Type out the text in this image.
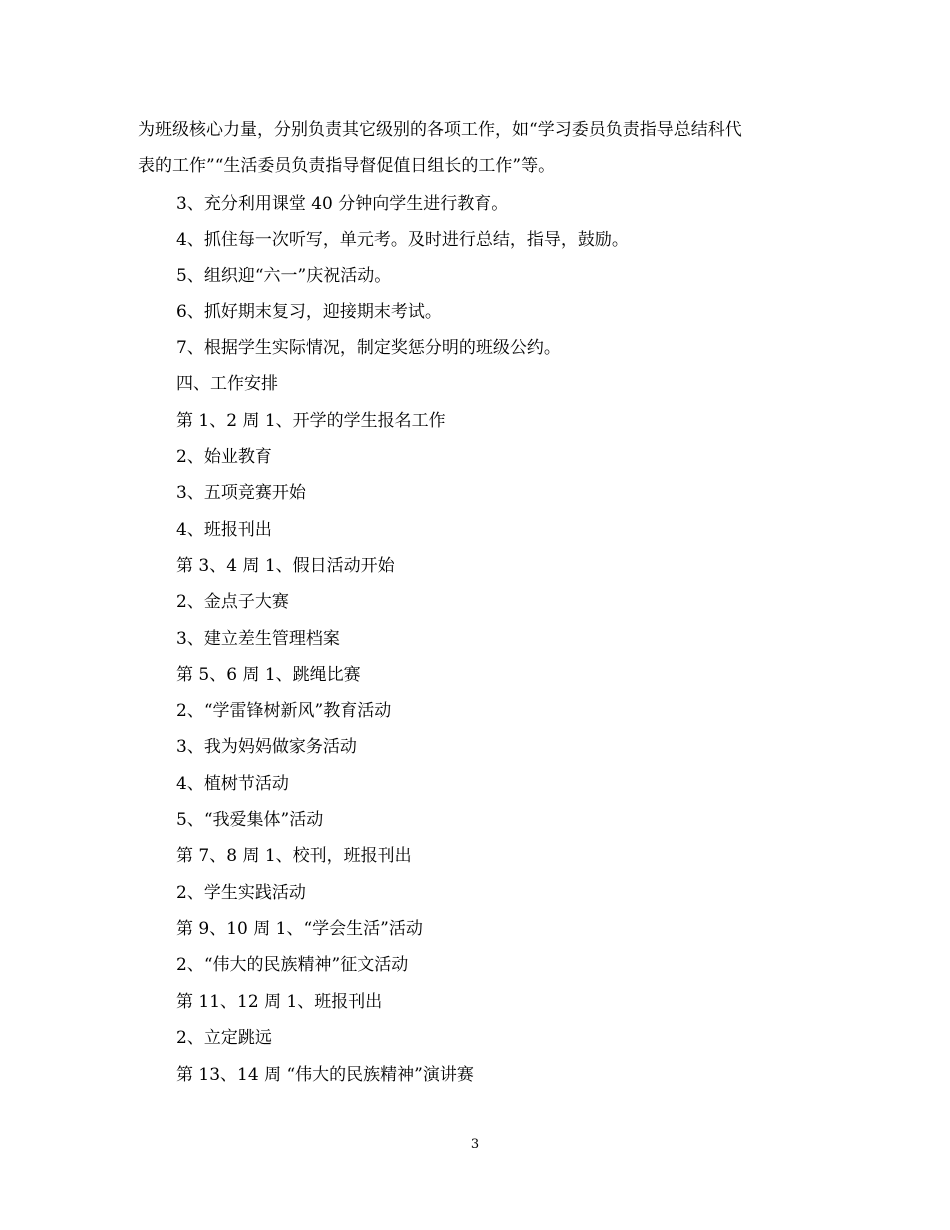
为班级核心力量，分别负责其它级别的各项工作，如“学习委员负责指导总结科代
表的工作”“生活委员负责指导督促值日组长的工作”等。
3、充分利用课堂 40 分钟向学生进行教育。
4、抓住每一次听写，单元考。及时进行总结，指导，鼓励。
5、组织迎“六一”庆祝活动。
6、抓好期末复习，迎接期末考试。
7、根据学生实际情况，制定奖惩分明的班级公约。
四、工作安排
第 1、2 周 1、开学的学生报名工作
2、始业教育
3、五项竞赛开始
4、班报刊出
第 3、4 周 1、假日活动开始
2、金点子大赛
3、建立差生管理档案
第 5、6 周 1、跳绳比赛
2、“学雷锋树新风”教育活动
3、我为妈妈做家务活动
4、植树节活动
5、“我爱集体”活动
第 7、8 周 1、校刊，班报刊出
2、学生实践活动
第 9、10 周 1、“学会生活”活动
2、“伟大的民族精神”征文活动
第 11、12 周 1、班报刊出
2、立定跳远
第 13、14 周 “伟大的民族精神”演讲赛
3
